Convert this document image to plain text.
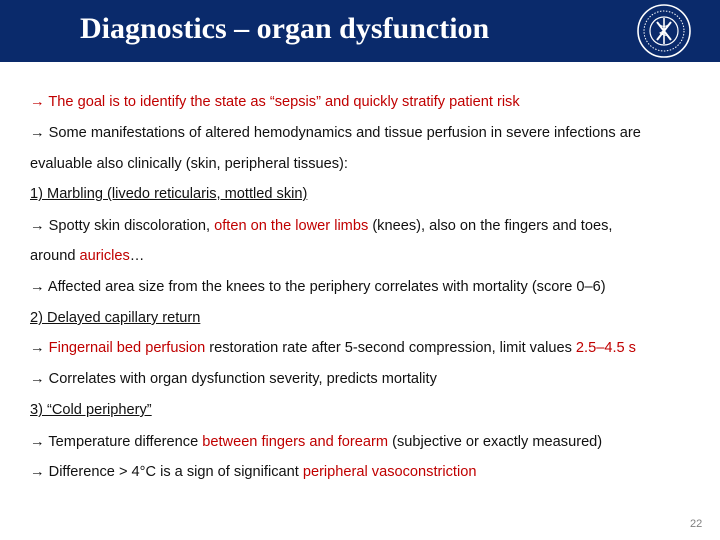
Diagnostics – organ dysfunction
→ The goal is to identify the state as “sepsis” and quickly stratify patient risk
→ Some manifestations of altered hemodynamics and tissue perfusion in severe infections are
evaluable also clinically (skin, peripheral tissues):
1) Marbling (livedo reticularis, mottled skin)
→ Spotty skin discoloration, often on the lower limbs (knees), also on the fingers and toes,
around auricles…
→ Affected area size from the knees to the periphery correlates with mortality (score 0–6)
2) Delayed capillary return
→ Fingernail bed perfusion restoration rate after 5-second compression, limit values 2.5–4.5 s
→ Correlates with organ dysfunction severity, predicts mortality
3) “Cold periphery”
→ Temperature difference between fingers and forearm (subjective or exactly measured)
→ Difference > 4°C is a sign of significant peripheral vasoconstriction
22
